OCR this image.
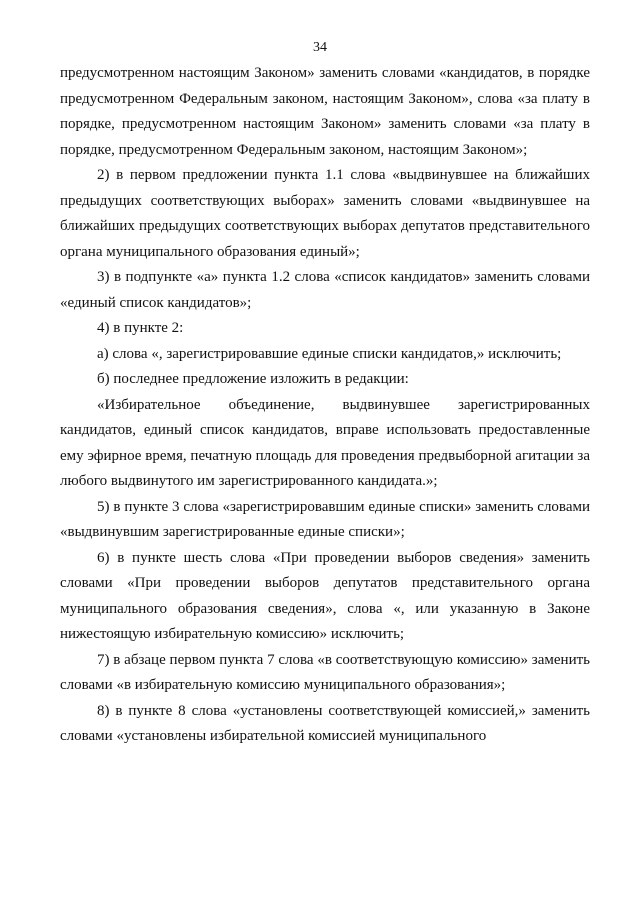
34

предусмотренном настоящим Законом» заменить словами «кандидатов, в порядке предусмотренном Федеральным законом, настоящим Законом», слова «за плату в порядке, предусмотренном настоящим Законом» заменить словами «за плату в порядке, предусмотренном Федеральным законом, настоящим Законом»;

2) в первом предложении пункта 1.1 слова «выдвинувшее на ближайших предыдущих соответствующих выборах» заменить словами «выдвинувшее на ближайших предыдущих соответствующих выборах депутатов представительного органа муниципального образования единый»;

3) в подпункте «а» пункта 1.2 слова «список кандидатов» заменить словами «единый список кандидатов»;

4) в пункте 2:

а) слова «, зарегистрировавшие единые списки кандидатов,» исключить;

б) последнее предложение изложить в редакции:

«Избирательное объединение, выдвинувшее зарегистрированных кандидатов, единый список кандидатов, вправе использовать предоставленные ему эфирное время, печатную площадь для проведения предвыборной агитации за любого выдвинутого им зарегистрированного кандидата.»;

5) в пункте 3 слова «зарегистрировавшим единые списки» заменить словами «выдвинувшим зарегистрированные единые списки»;

6) в пункте шесть слова «При проведении выборов сведения» заменить словами «При проведении выборов депутатов представительного органа муниципального образования сведения», слова «, или указанную в Законе нижестоящую избирательную комиссию» исключить;

7) в абзаце первом пункта 7 слова «в соответствующую комиссию» заменить словами «в избирательную комиссию муниципального образования»;

8) в пункте 8 слова «установлены соответствующей комиссией,» заменить словами «установлены избирательной комиссией муниципального
